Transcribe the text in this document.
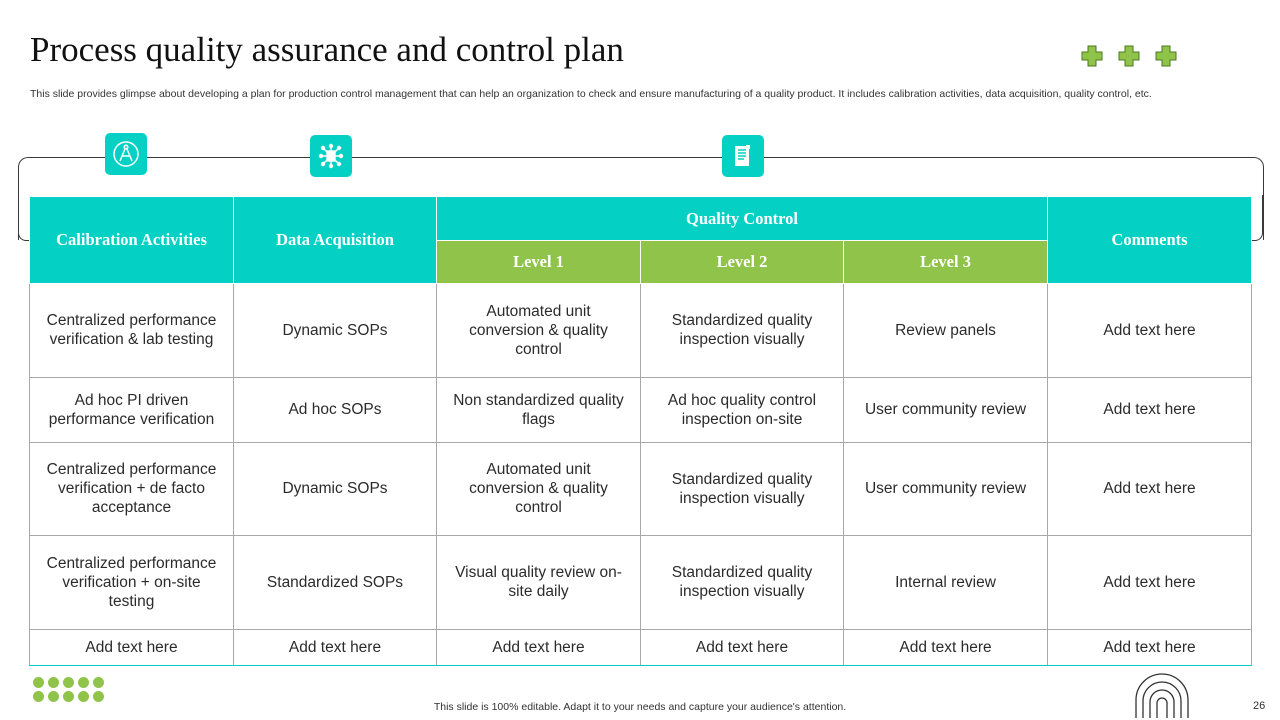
Process quality assurance and control plan
This slide provides glimpse about developing a plan for production control management that can help an organization to check and ensure manufacturing of a quality product. It includes calibration activities, data acquisition, quality control, etc.
Calibration Activities	Data Acquisition	Quality Control			Comments
		Level 1	Level 2	Level 3	
Centralized performance verification & lab testing	Dynamic SOPs	Automated unit conversion & quality control	Standardized quality inspection visually	Review panels	Add text here
Ad hoc PI driven performance verification	Ad hoc SOPs	Non standardized quality flags	Ad hoc quality control inspection on-site	User community review	Add text here
Centralized performance verification + de facto acceptance	Dynamic SOPs	Automated unit conversion & quality control	Standardized quality inspection visually	User community review	Add text here
Centralized performance verification + on-site testing	Standardized SOPs	Visual quality review on-site daily	Standardized quality inspection visually	Internal review	Add text here
Add text here	Add text here	Add text here	Add text here	Add text here	Add text here
This slide is 100% editable. Adapt it to your needs and capture your audience's attention.	26
